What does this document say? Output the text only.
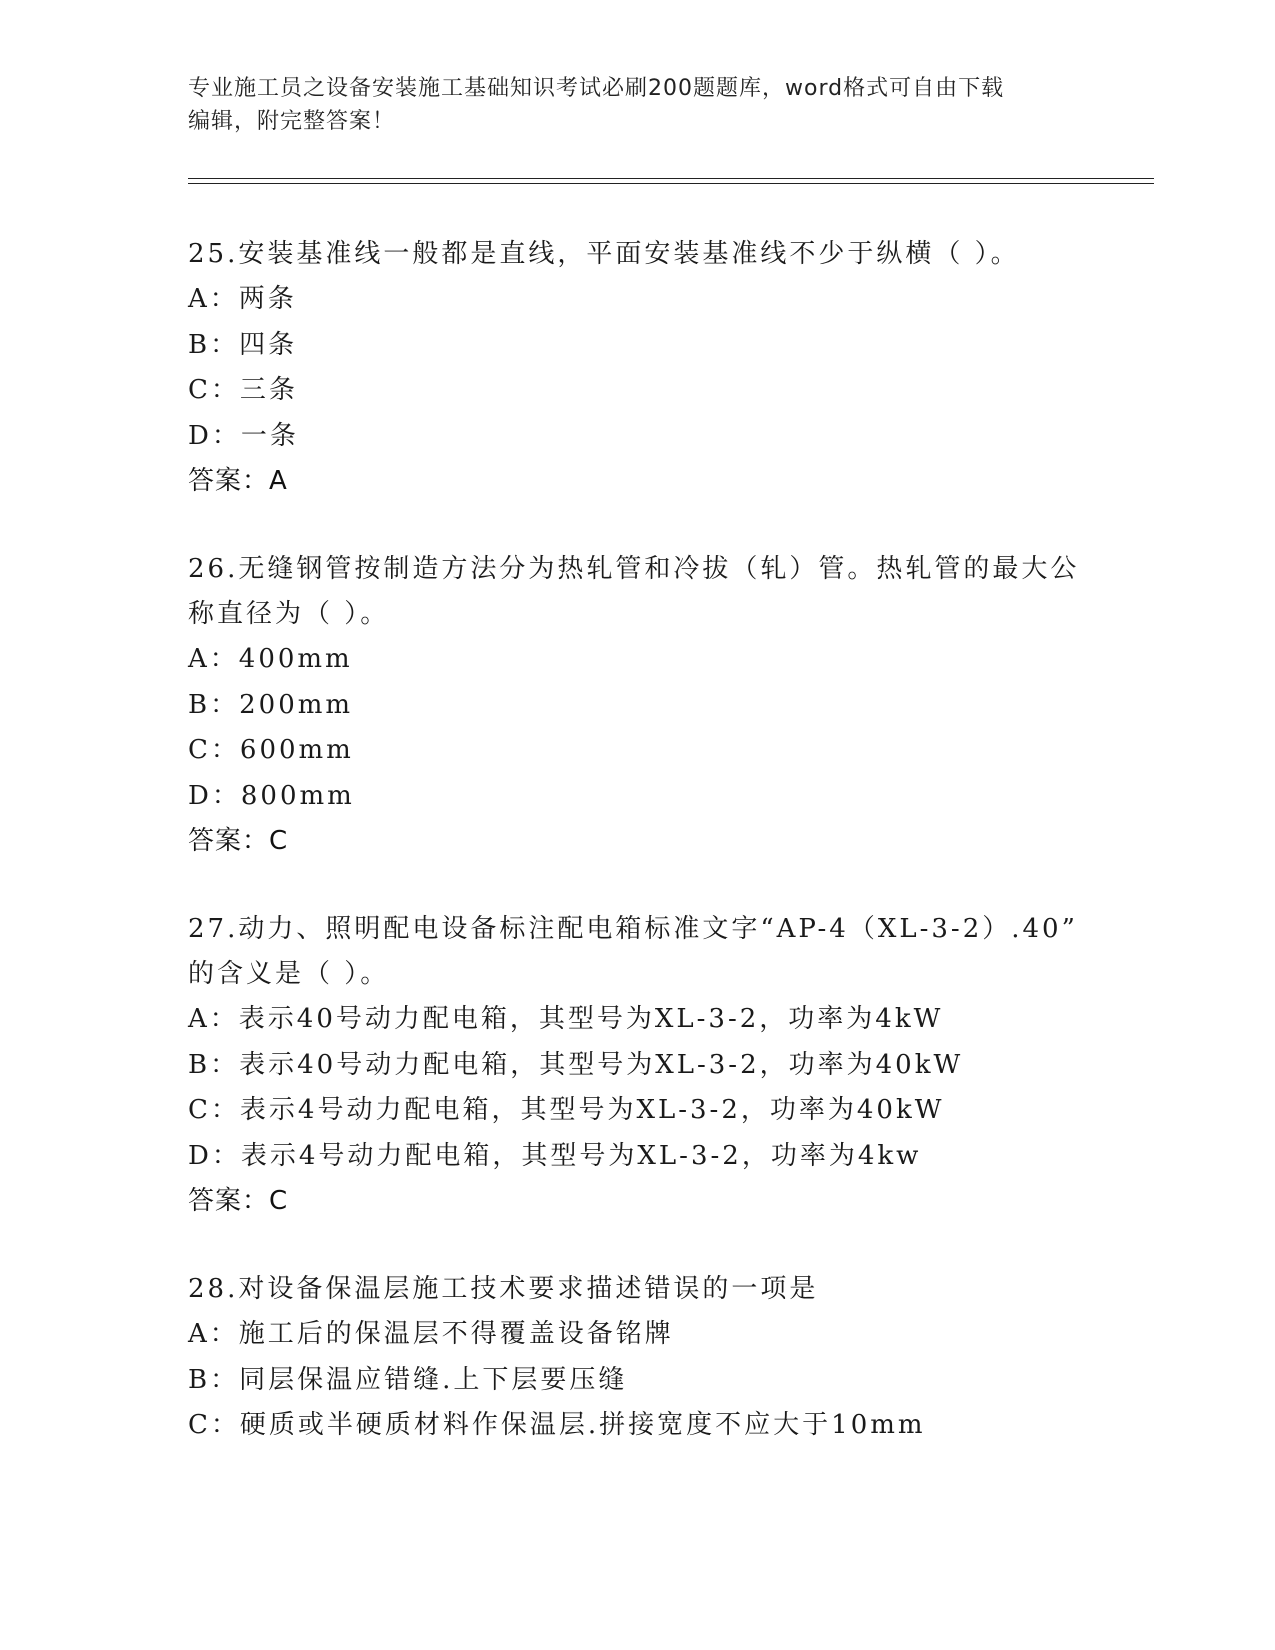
专业施工员之设备安装施工基础知识考试必刷200题题库，word格式可自由下载
编辑，附完整答案！
25.安装基准线一般都是直线，平面安装基准线不少于纵横（ ）。
A：两条
B：四条
C：三条
D：一条
答案：A
26.无缝钢管按制造方法分为热轧管和冷拔（轧）管。热轧管的最大公
称直径为（ ）。
A：400mm
B：200mm
C：600mm
D：800mm
答案：C
27.动力、照明配电设备标注配电箱标准文字“AP-4（XL-3-2）.40”
的含义是（ ）。
A：表示40号动力配电箱，其型号为XL-3-2，功率为4kW
B：表示40号动力配电箱，其型号为XL-3-2，功率为40kW
C：表示4号动力配电箱，其型号为XL-3-2，功率为40kW
D：表示4号动力配电箱，其型号为XL-3-2，功率为4kw
答案：C
28.对设备保温层施工技术要求描述错误的一项是
A：施工后的保温层不得覆盖设备铭牌
B：同层保温应错缝.上下层要压缝
C：硬质或半硬质材料作保温层.拼接宽度不应大于10mm
